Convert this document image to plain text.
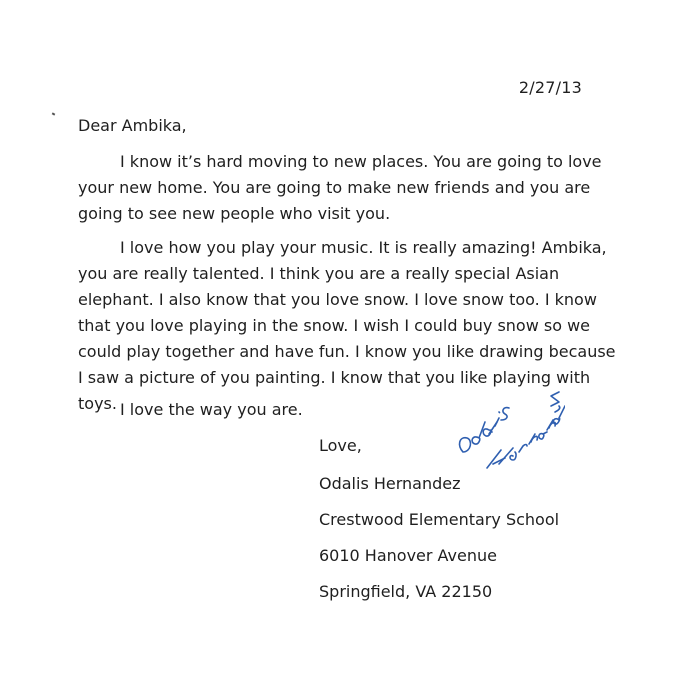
2/27/13
Dear Ambika,

I know it’s hard moving to new places. You are going to love your new home. You are going to make new friends and you are going to see new people who visit you.

I love how you play your music. It is really amazing! Ambika, you are really talented. I think you are a really special Asian elephant. I also know that you love snow. I love snow too. I know that you love playing in the snow. I wish I could buy snow so we could play together and have fun. I know you like drawing because I saw a picture of you painting. I know that you like playing with toys. I love the way you are.

Love,
Odalis Hernandez
Crestwood Elementary School
6010 Hanover Avenue
Springfield, VA 22150
